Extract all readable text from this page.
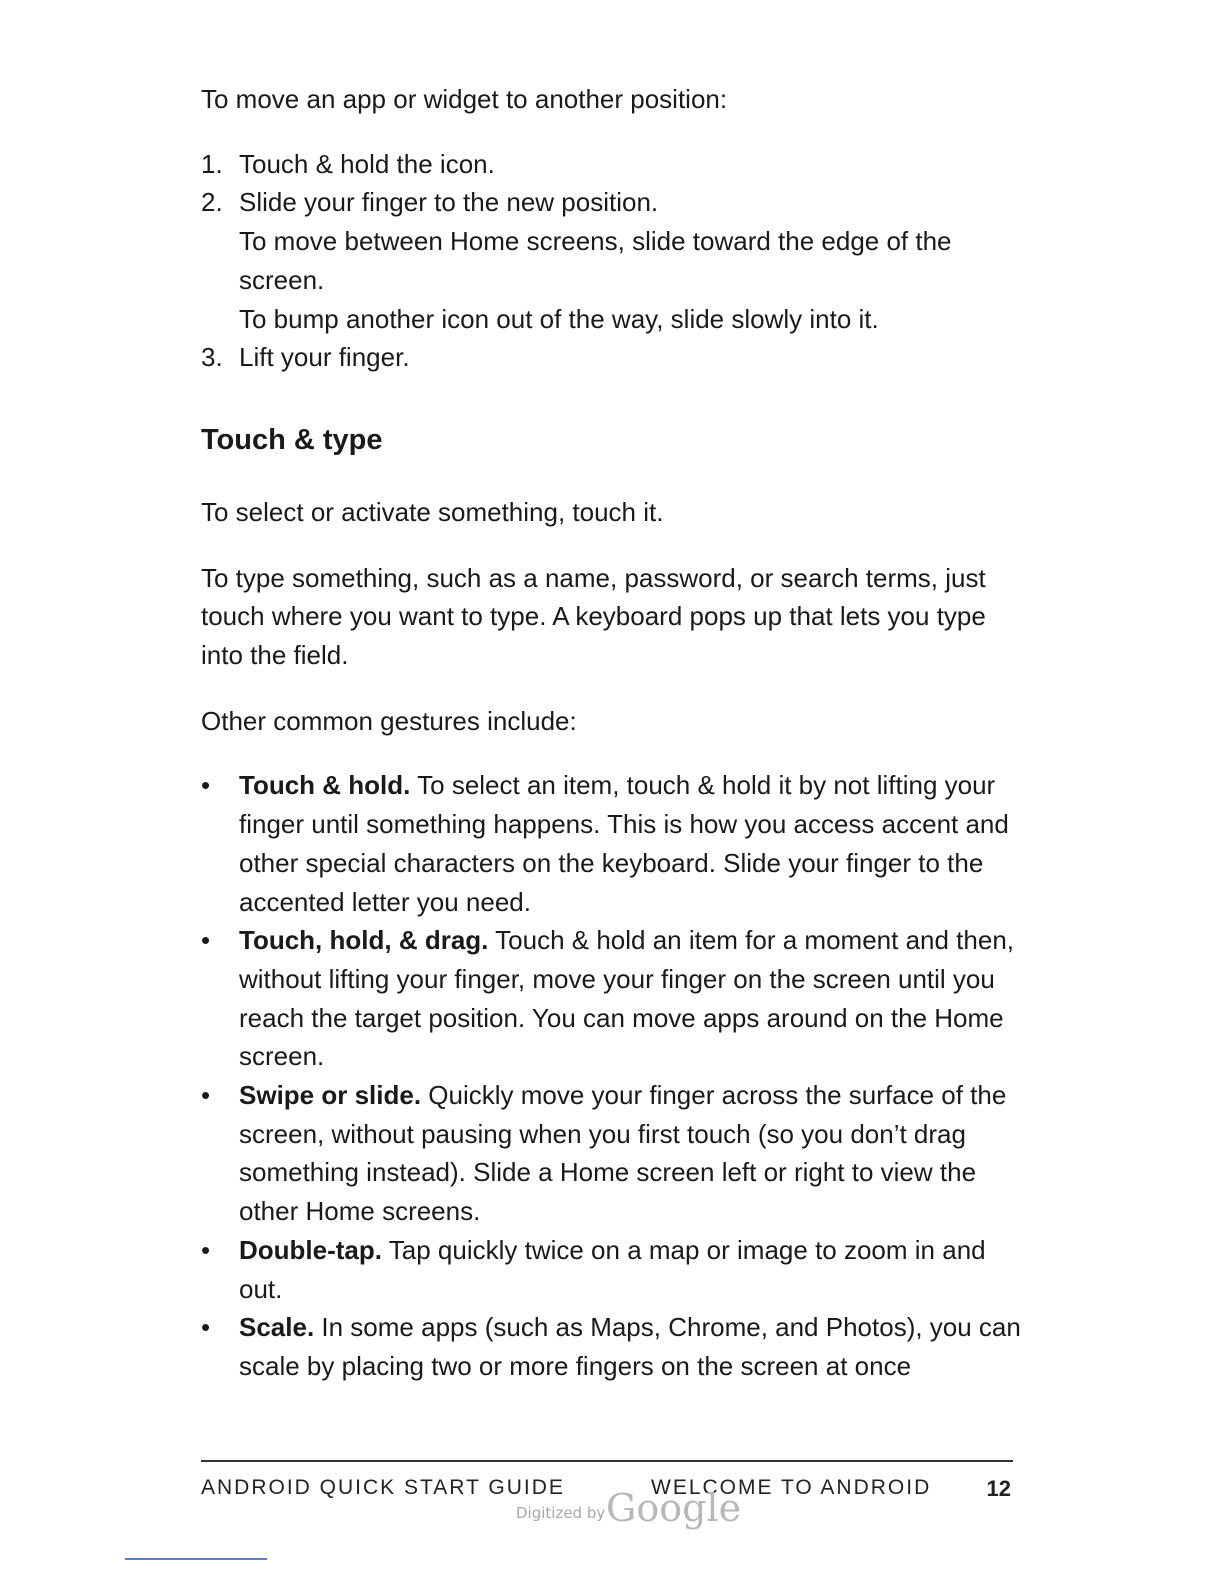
To move an app or widget to another position:

1. Touch & hold the icon.
2. Slide your finger to the new position.
To move between Home screens, slide toward the edge of the screen.
To bump another icon out of the way, slide slowly into it.
3. Lift your finger.
Touch & type

To select or activate something, touch it.

To type something, such as a name, password, or search terms, just touch where you want to type. A keyboard pops up that lets you type into the field.

Other common gestures include:

•	Touch & hold. To select an item, touch & hold it by not lifting your finger until something happens. This is how you access accent and other special characters on the keyboard. Slide your finger to the accented letter you need.
•	Touch, hold, & drag. Touch & hold an item for a moment and then, without lifting your finger, move your finger on the screen until you reach the target position. You can move apps around on the Home screen.
•	Swipe or slide. Quickly move your finger across the surface of the screen, without pausing when you first touch (so you don’t drag something instead). Slide a Home screen left or right to view the other Home screens.
•	Double-tap. Tap quickly twice on a map or image to zoom in and out.
•	Scale. In some apps (such as Maps, Chrome, and Photos), you can scale by placing two or more fingers on the screen at once
ANDROID QUICK START GUIDE	WELCOME TO ANDROID	12
Digitized by Google
